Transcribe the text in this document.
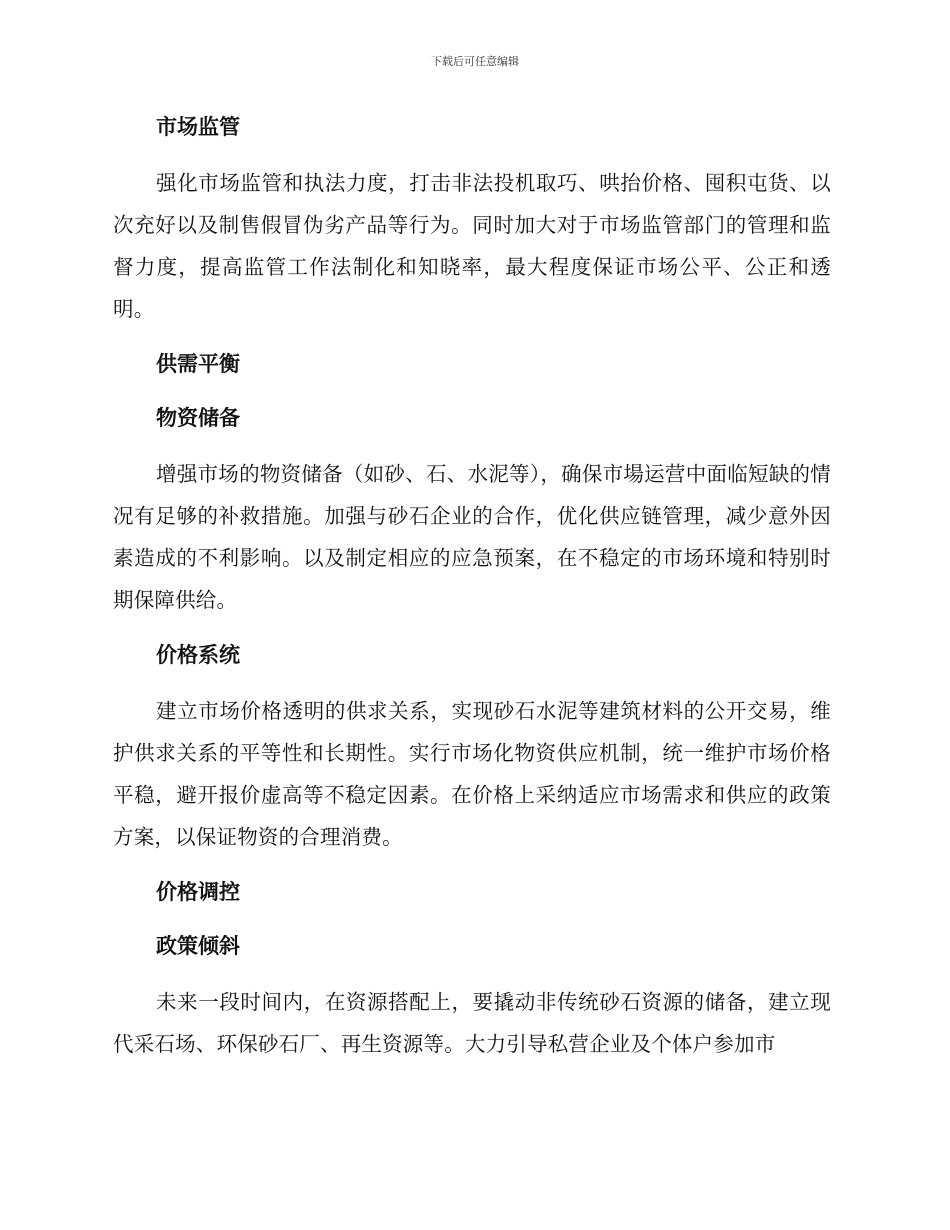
下载后可任意编辑
市场监管

强化市场监管和执法力度，打击非法投机取巧、哄抬价格、囤积屯货、以次充好以及制售假冒伪劣产品等行为。同时加大对于市场监管部门的管理和监督力度，提高监管工作法制化和知晓率，最大程度保证市场公平、公正和透明。

供需平衡
物资储备

增强市场的物资储备（如砂、石、水泥等），确保市場运营中面临短缺的情况有足够的补救措施。加强与砂石企业的合作，优化供应链管理，减少意外因素造成的不利影响。以及制定相应的应急预案，在不稳定的市场环境和特别时期保障供给。

价格系统

建立市场价格透明的供求关系，实现砂石水泥等建筑材料的公开交易，维护供求关系的平等性和长期性。实行市场化物资供应机制，统一维护市场价格平稳，避开报价虚高等不稳定因素。在价格上采纳适应市场需求和供应的政策方案，以保证物资的合理消费。

价格调控
政策倾斜

未来一段时间内，在资源搭配上，要撬动非传统砂石资源的储备，建立现代采石场、环保砂石厂、再生资源等。大力引导私营企业及个体户参加市
